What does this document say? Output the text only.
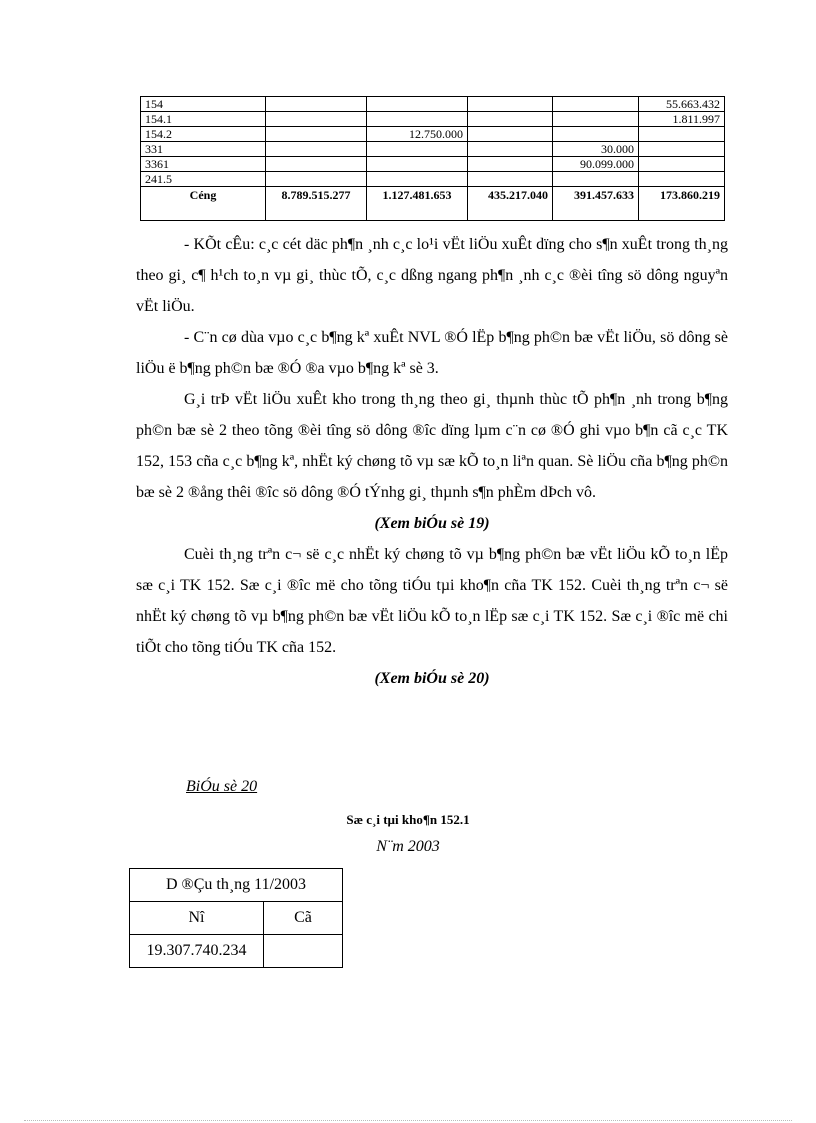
154					55.663.432
154.1					1.811.997
154.2		12.750.000			
331				30.000	
3361				90.099.000	
241.5					
Céng	8.789.515.277	1.127.481.653	435.217.040	391.457.633	173.860.219

- KÕt cÊu: c¸c cét däc ph¶n ¸nh c¸c lo¹i vËt liÖu xuÊt dïng cho s¶n xuÊt trong th¸ng theo gi¸ c¶ h¹ch to¸n vµ gi¸ thùc tÕ, c¸c dßng ngang ph¶n ¸nh c¸c ®èi tîng sö dông nguyªn vËt liÖu.

- C¨n cø dùa vµo c¸c b¶ng kª xuÊt NVL ®Ó lËp b¶ng ph©n bæ vËt liÖu, sö dông sè liÖu ë b¶ng ph©n bæ ®Ó ®a vµo b¶ng kª sè 3.

G¸i trÞ vËt liÖu xuÊt kho trong th¸ng theo gi¸ thµnh thùc tÕ ph¶n ¸nh trong b¶ng ph©n bæ sè 2 theo tõng ®èi tîng sö dông ®îc dïng lµm c¨n cø ®Ó ghi vµo b¶n cã c¸c TK 152, 153 cña c¸c b¶ng kª, nhËt ký chøng tõ vµ sæ kÕ to¸n liªn quan. Sè liÖu cña b¶ng ph©n bæ sè 2 ®ång thêi ®îc sö dông ®Ó tÝnhg gi¸ thµnh s¶n phÈm dÞch vô.

(Xem biÓu sè 19)

Cuèi th¸ng trªn c¬ së c¸c nhËt ký chøng tõ vµ b¶ng ph©n bæ vËt liÖu kÕ to¸n lËp sæ c¸i TK 152. Sæ c¸i ®îc më cho tõng tiÓu tµi kho¶n cña TK 152. Cuèi th¸ng trªn c¬ së nhËt ký chøng tõ vµ b¶ng ph©n bæ vËt liÖu kÕ to¸n lËp sæ c¸i TK 152. Sæ c¸i ®îc më chi tiÕt cho tõng tiÓu TK cña 152.

(Xem biÓu sè 20)

BiÓu sè 20
Sæ c¸i tµi kho¶n 152.1
N¨m 2003
D ®Çu th¸ng 11/2003	
Nî	Cã
19.307.740.234	
